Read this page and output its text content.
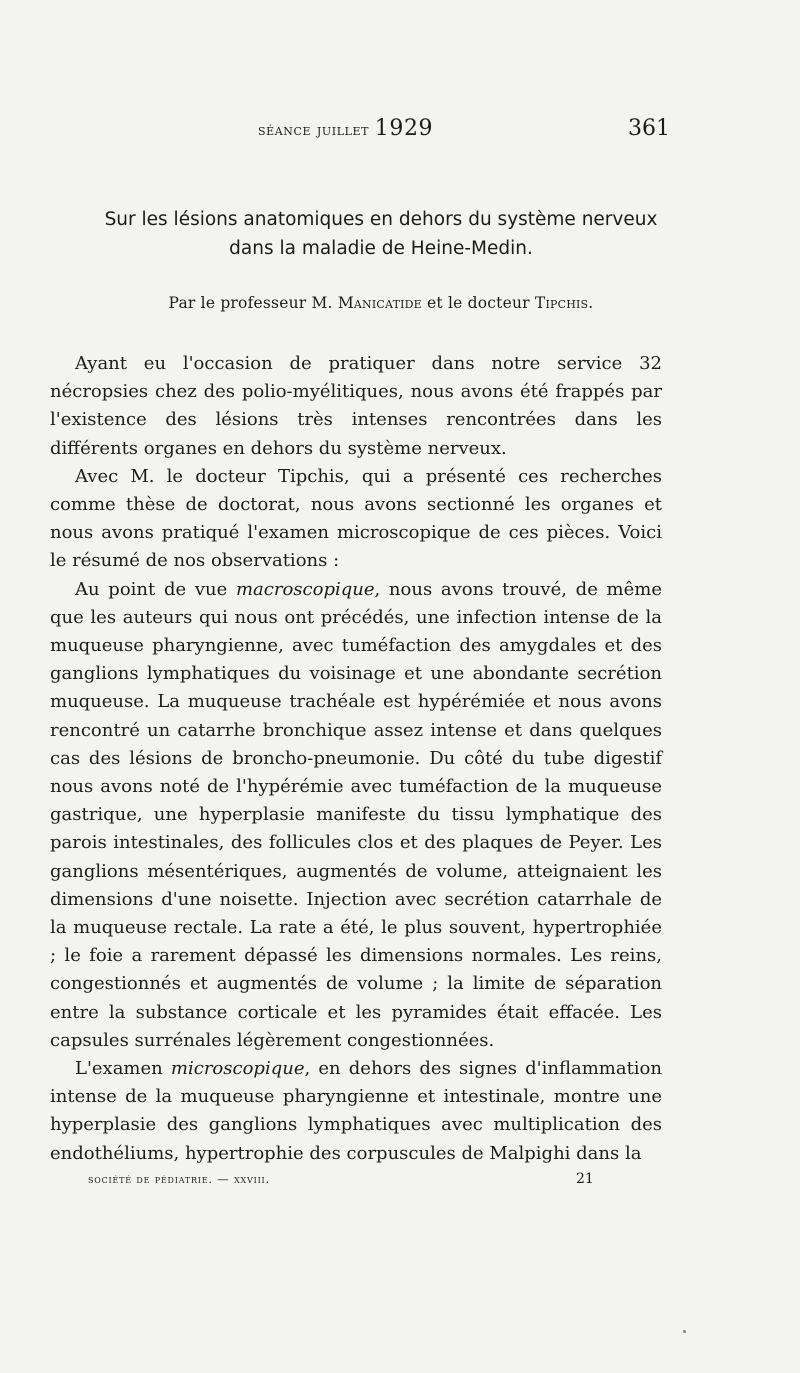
séance juillet 1929	361
Sur les lésions anatomiques en dehors du système nerveux
dans la maladie de Heine-Medin.
Par le professeur M. Manicatide et le docteur Tipchis.

Ayant eu l'occasion de pratiquer dans notre service 32 nécropsies chez des polio-myélitiques, nous avons été frappés par l'existence des lésions très intenses rencontrées dans les différents organes en dehors du système nerveux.

Avec M. le docteur Tipchis, qui a présenté ces recherches comme thèse de doctorat, nous avons sectionné les organes et nous avons pratiqué l'examen microscopique de ces pièces. Voici le résumé de nos observations :

Au point de vue macroscopique, nous avons trouvé, de même que les auteurs qui nous ont précédés, une infection intense de la muqueuse pharyngienne, avec tuméfaction des amygdales et des ganglions lymphatiques du voisinage et une abondante secrétion muqueuse. La muqueuse trachéale est hypérémiée et nous avons rencontré un catarrhe bronchique assez intense et dans quelques cas des lésions de broncho-pneumonie. Du côté du tube digestif nous avons noté de l'hypérémie avec tuméfaction de la muqueuse gastrique, une hyperplasie manifeste du tissu lymphatique des parois intestinales, des follicules clos et des plaques de Peyer. Les ganglions mésentériques, augmentés de volume, atteignaient les dimensions d'une noisette. Injection avec secrétion catarrhale de la muqueuse rectale. La rate a été, le plus souvent, hypertrophiée ; le foie a rarement dépassé les dimensions normales. Les reins, congestionnés et augmentés de volume ; la limite de séparation entre la substance corticale et les pyramides était effacée. Les capsules surrénales légèrement congestionnées.

L'examen microscopique, en dehors des signes d'inflammation intense de la muqueuse pharyngienne et intestinale, montre une hyperplasie des ganglions lymphatiques avec multiplication des endothéliums, hypertrophie des corpuscules de Malpighi dans la

société de pédiatrie. — xxviii.	21
